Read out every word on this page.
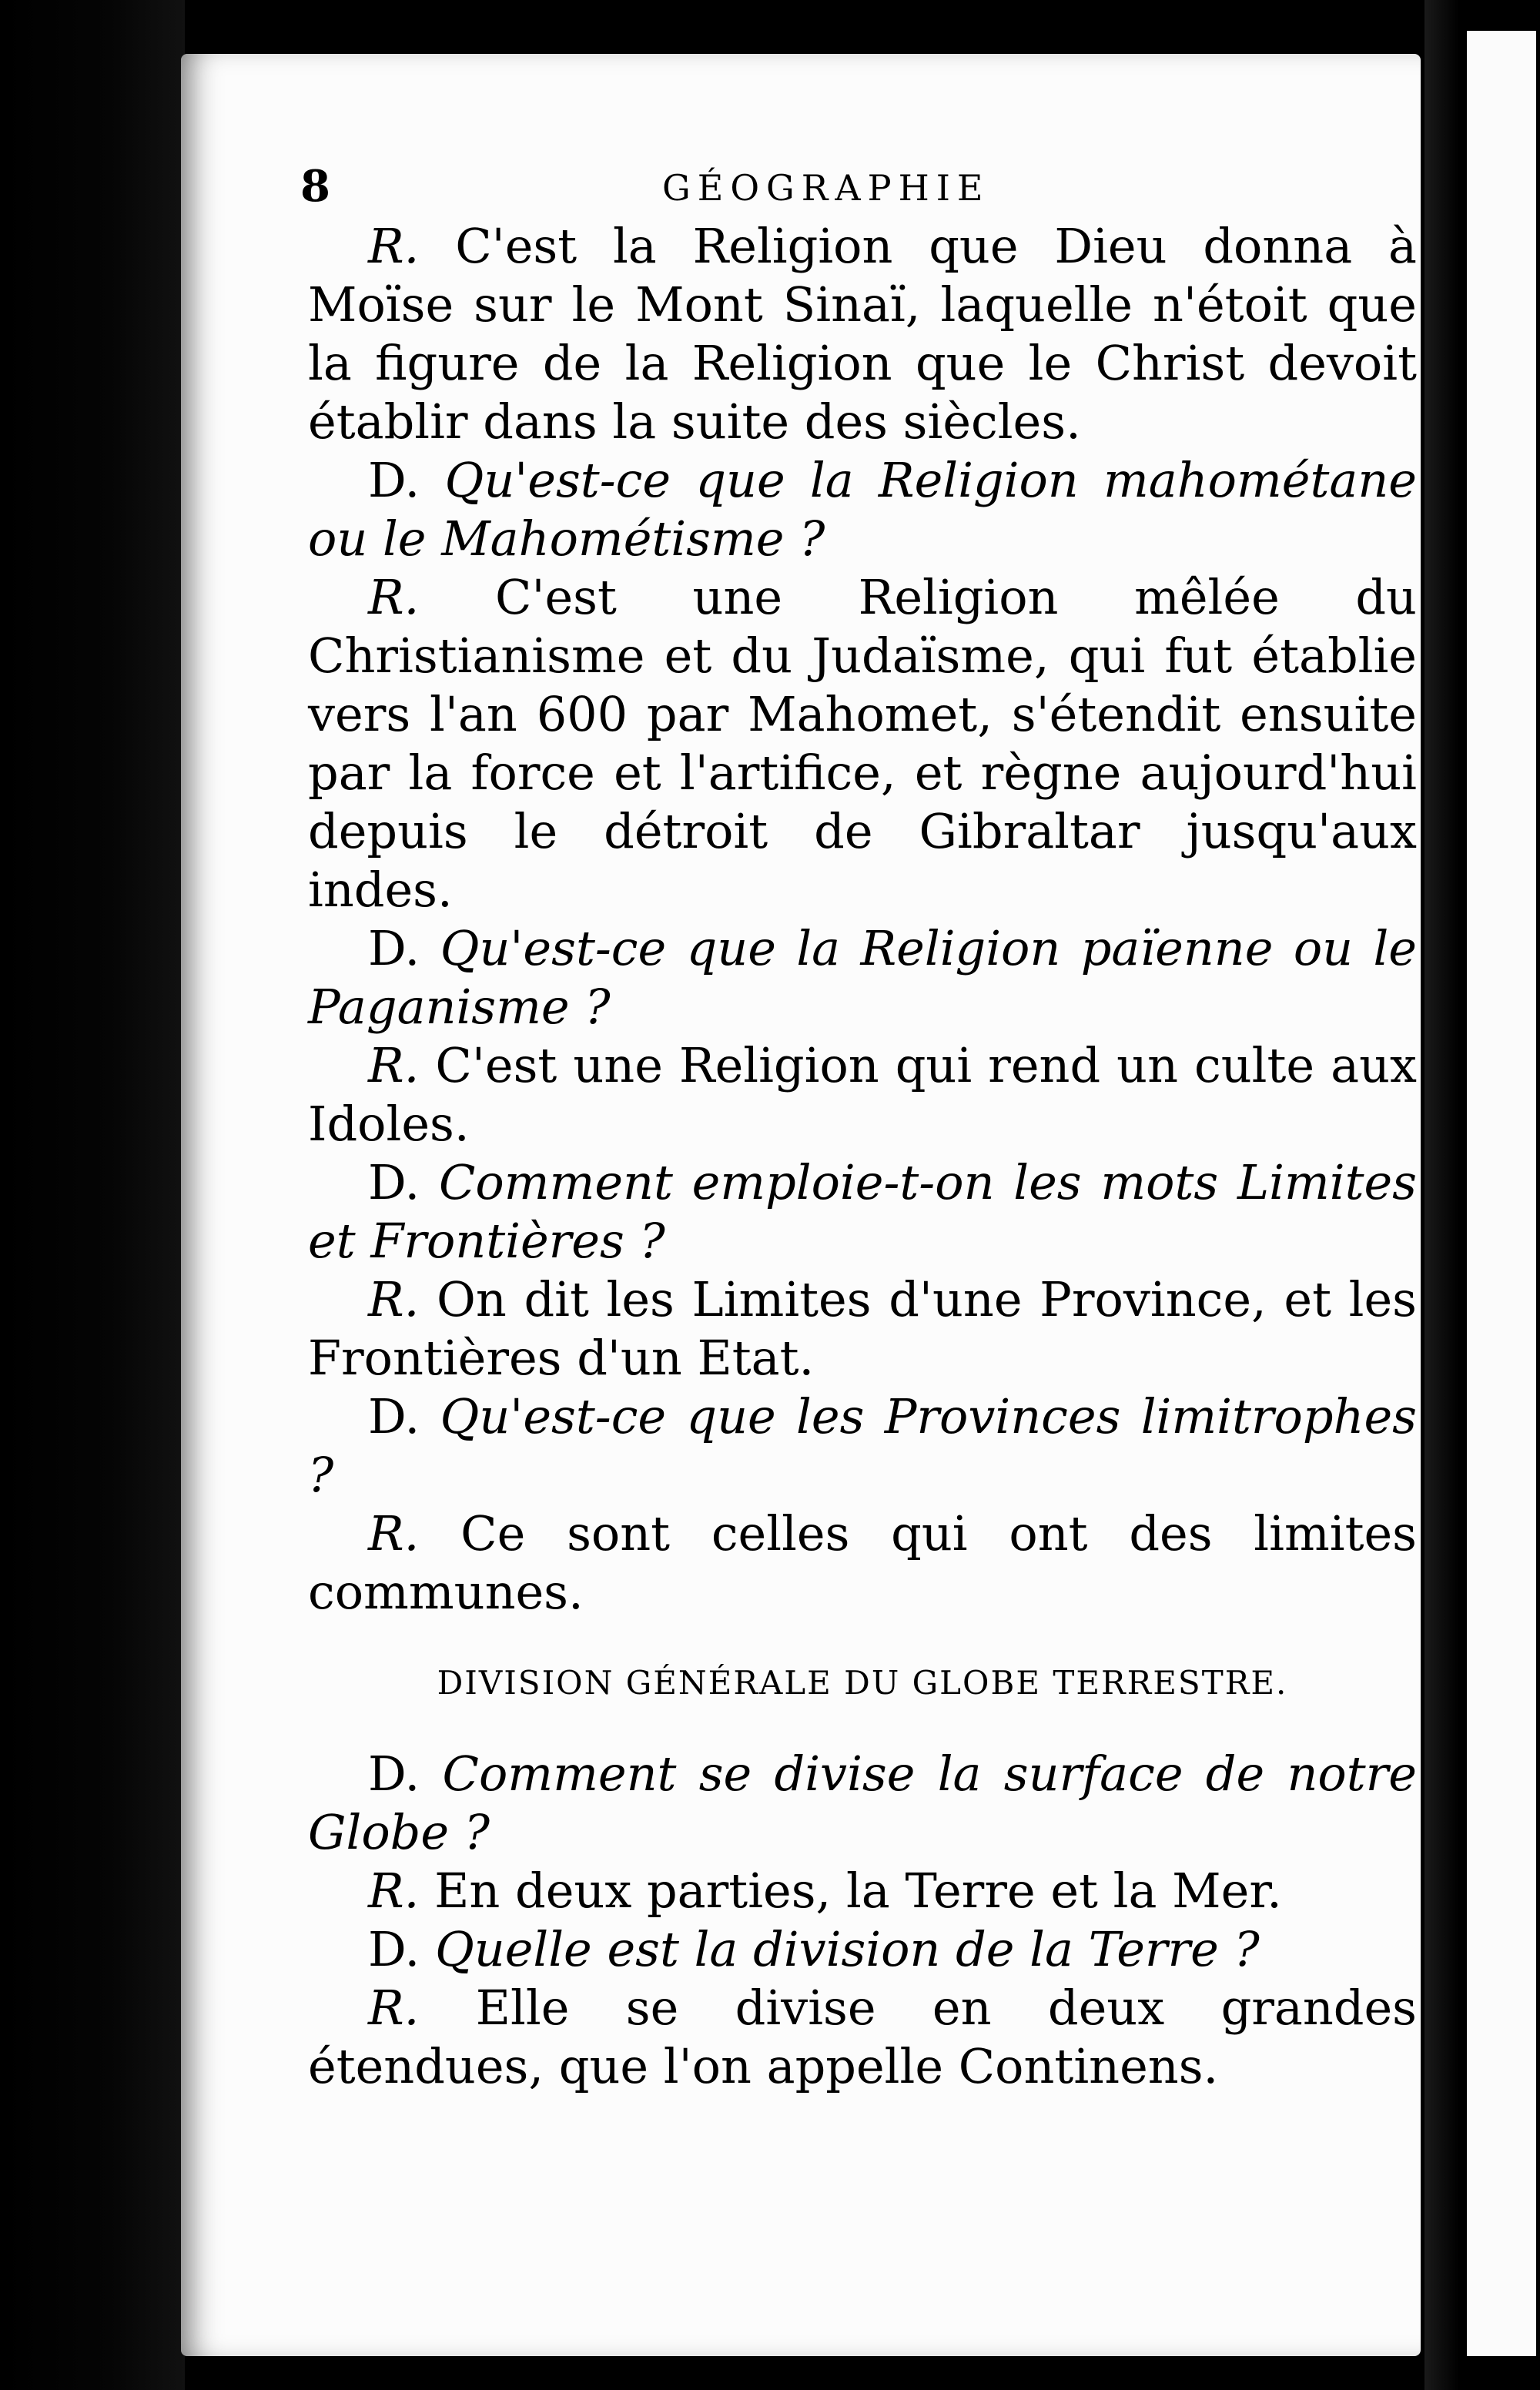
8	GÉOGRAPHIE

R. C'est la Religion que Dieu donna à Moïse sur le Mont Sinaï, laquelle n'étoit que la figure de la Religion que le Christ devoit établir dans la suite des siècles.

D. Qu'est-ce que la Religion mahométane ou le Mahométisme ?

R. C'est une Religion mêlée du Christianisme et du Judaïsme, qui fut établie vers l'an 600 par Mahomet, s'étendit ensuite par la force et l'artifice, et règne aujourd'hui depuis le détroit de Gibraltar jusqu'aux indes.

D. Qu'est-ce que la Religion païenne ou le Paganisme ?

R. C'est une Religion qui rend un culte aux Idoles.

D. Comment emploie-t-on les mots Limites et Frontières ?

R. On dit les Limites d'une Province, et les Frontières d'un Etat.

D. Qu'est-ce que les Provinces limitrophes ?

R. Ce sont celles qui ont des limites communes.

DIVISION GÉNÉRALE DU GLOBE TERRESTRE.

D. Comment se divise la surface de notre Globe ?

R. En deux parties, la Terre et la Mer.

D. Quelle est la division de la Terre ?

R. Elle se divise en deux grandes étendues, que l'on appelle Continens.
